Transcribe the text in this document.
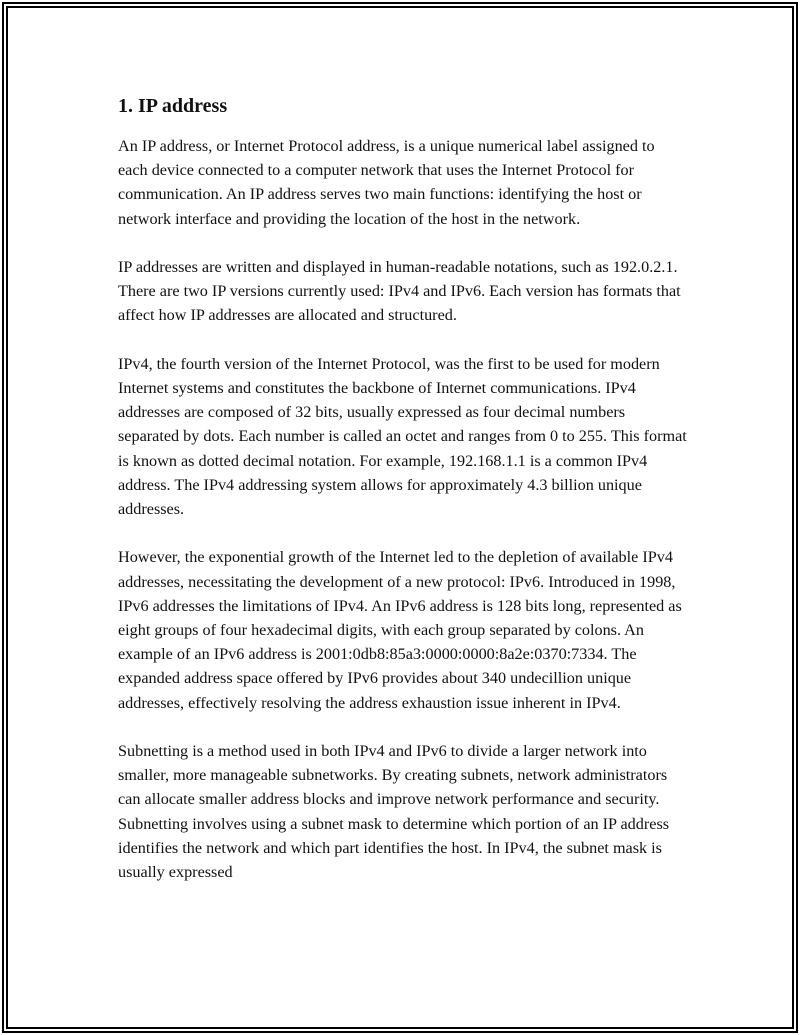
1. IP address

An IP address, or Internet Protocol address, is a unique numerical label assigned to each device connected to a computer network that uses the Internet Protocol for communication. An IP address serves two main functions: identifying the host or network interface and providing the location of the host in the network.

IP addresses are written and displayed in human-readable notations, such as 192.0.2.1. There are two IP versions currently used: IPv4 and IPv6. Each version has formats that affect how IP addresses are allocated and structured.

IPv4, the fourth version of the Internet Protocol, was the first to be used for modern Internet systems and constitutes the backbone of Internet communications. IPv4 addresses are composed of 32 bits, usually expressed as four decimal numbers separated by dots. Each number is called an octet and ranges from 0 to 255. This format is known as dotted decimal notation. For example, 192.168.1.1 is a common IPv4 address. The IPv4 addressing system allows for approximately 4.3 billion unique addresses.

However, the exponential growth of the Internet led to the depletion of available IPv4 addresses, necessitating the development of a new protocol: IPv6. Introduced in 1998, IPv6 addresses the limitations of IPv4. An IPv6 address is 128 bits long, represented as eight groups of four hexadecimal digits, with each group separated by colons. An example of an IPv6 address is 2001:0db8:85a3:0000:0000:8a2e:0370:7334. The expanded address space offered by IPv6 provides about 340 undecillion unique addresses, effectively resolving the address exhaustion issue inherent in IPv4.

Subnetting is a method used in both IPv4 and IPv6 to divide a larger network into smaller, more manageable subnetworks. By creating subnets, network administrators can allocate smaller address blocks and improve network performance and security. Subnetting involves using a subnet mask to determine which portion of an IP address identifies the network and which part identifies the host. In IPv4, the subnet mask is usually expressed
